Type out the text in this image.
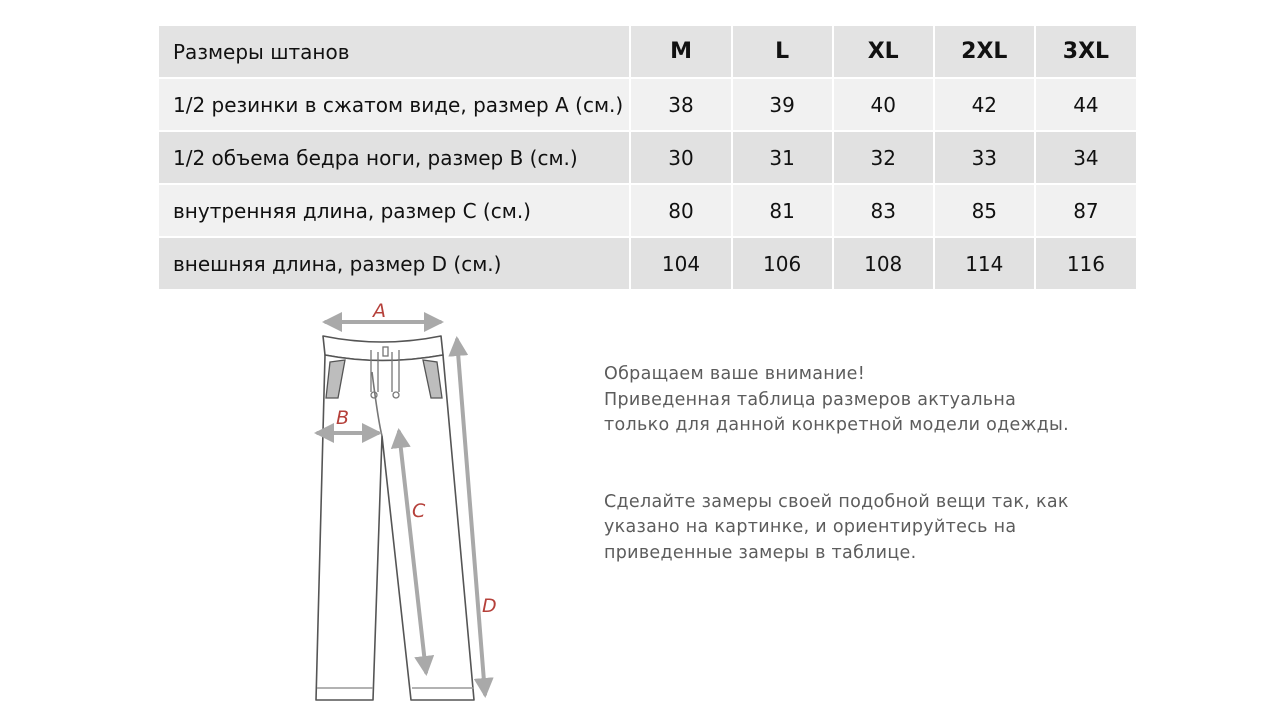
Размеры штанов	M	L	XL	2XL	3XL
1/2 резинки в сжатом виде, размер А (см.)	38	39	40	42	44
1/2 объема бедра ноги, размер В (см.)	30	31	32	33	34
внутренняя длина, размер С (см.)	80	81	83	85	87
внешняя длина, размер D (см.)	104	106	108	114	116
A
B
C
D

Обращаем ваше внимание!
Приведенная таблица размеров актуальна
только для данной конкретной модели одежды.

Сделайте замеры своей подобной вещи так, как
указано на картинке, и ориентируйтесь на
приведенные замеры в таблице.
